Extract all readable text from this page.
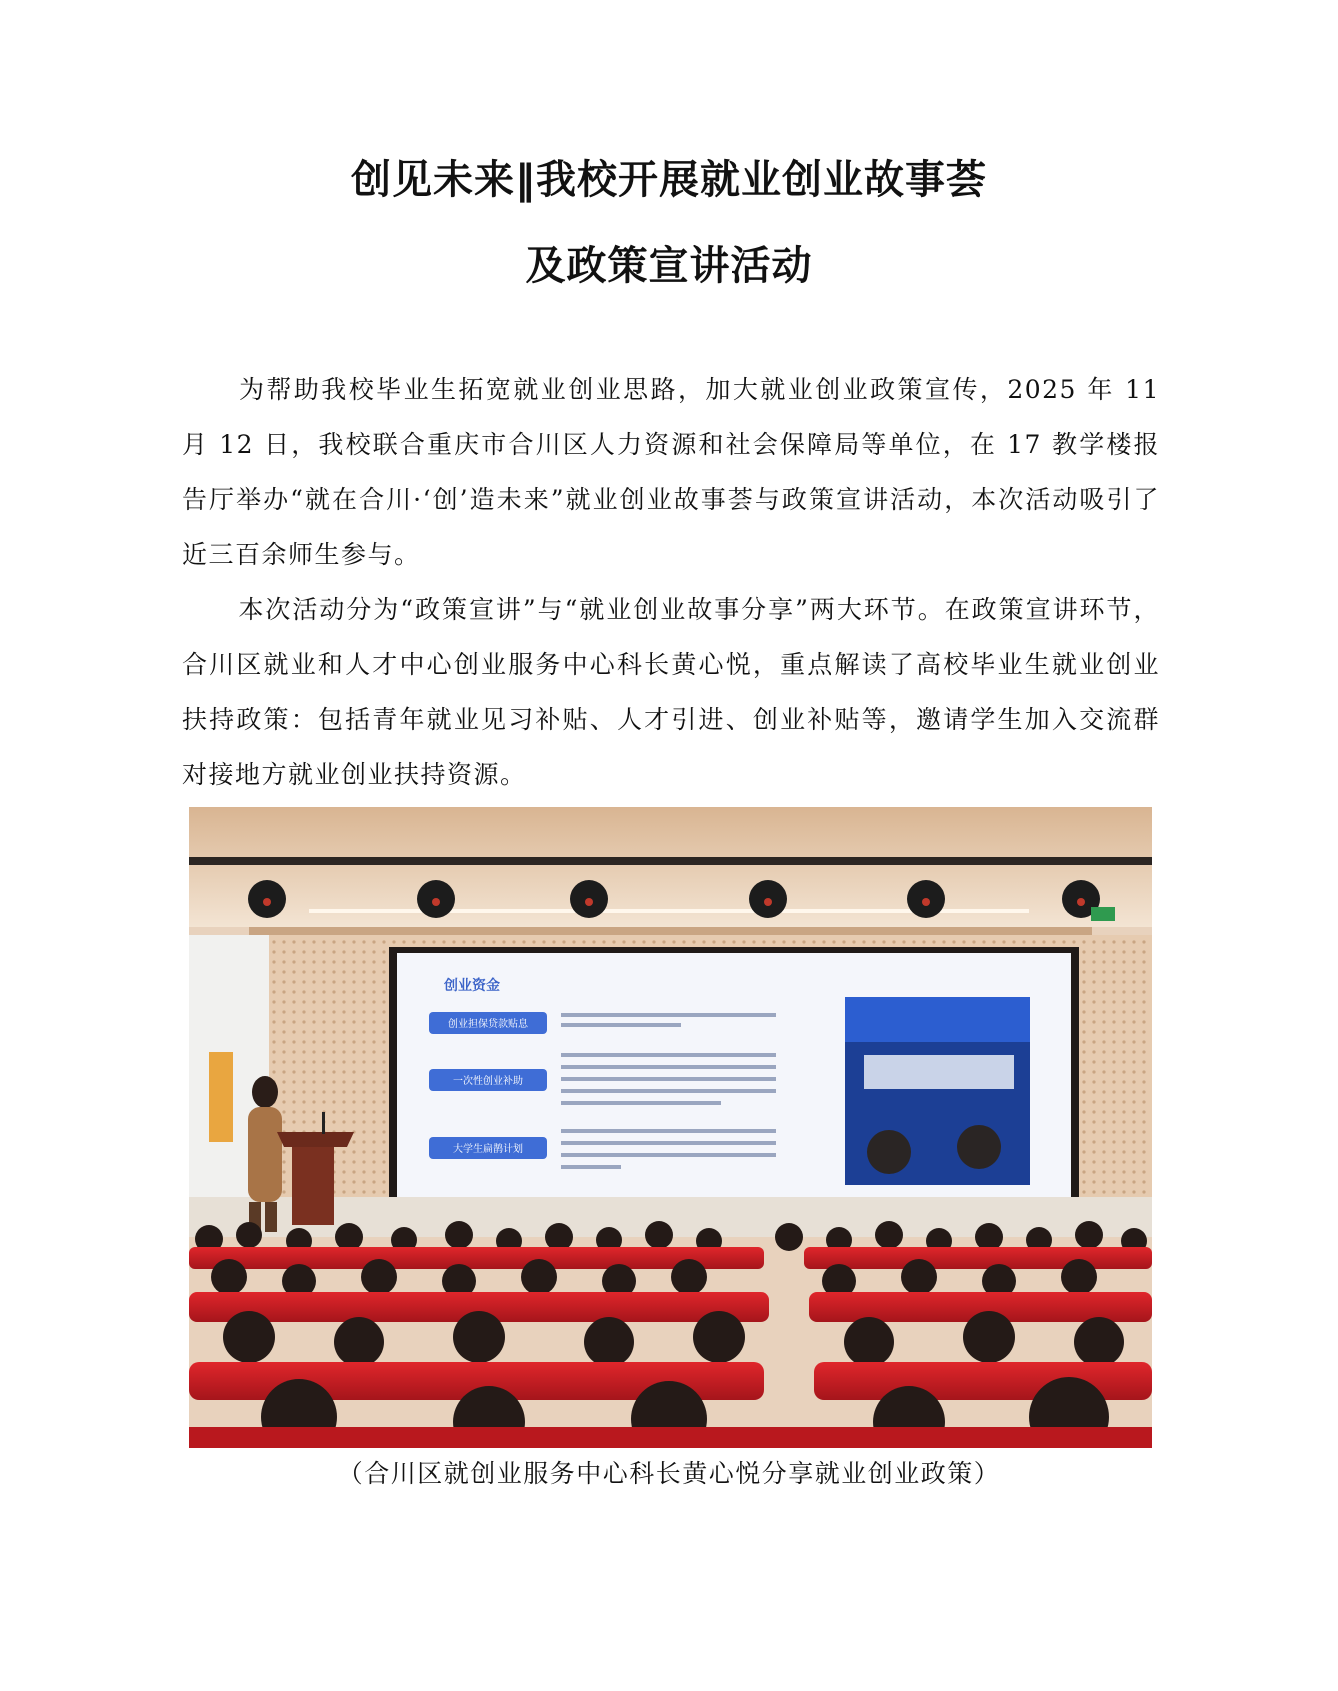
创见未来‖我校开展就业创业故事荟
及政策宣讲活动
为帮助我校毕业生拓宽就业创业思路，加大就业创业政策宣传，2025 年 11 月 12 日，我校联合重庆市合川区人力资源和社会保障局等单位，在 17 教学楼报告厅举办“就在合川·‘创’造未来”就业创业故事荟与政策宣讲活动，本次活动吸引了近三百余师生参与。
本次活动分为“政策宣讲”与“就业创业故事分享”两大环节。在政策宣讲环节，合川区就业和人才中心创业服务中心科长黄心悦，重点解读了高校毕业生就业创业扶持政策：包括青年就业见习补贴、人才引进、创业补贴等，邀请学生加入交流群对接地方就业创业扶持资源。
创业资金
创业担保贷款贴息
一次性创业补助
大学生扁鹊计划
（合川区就创业服务中心科长黄心悦分享就业创业政策）
